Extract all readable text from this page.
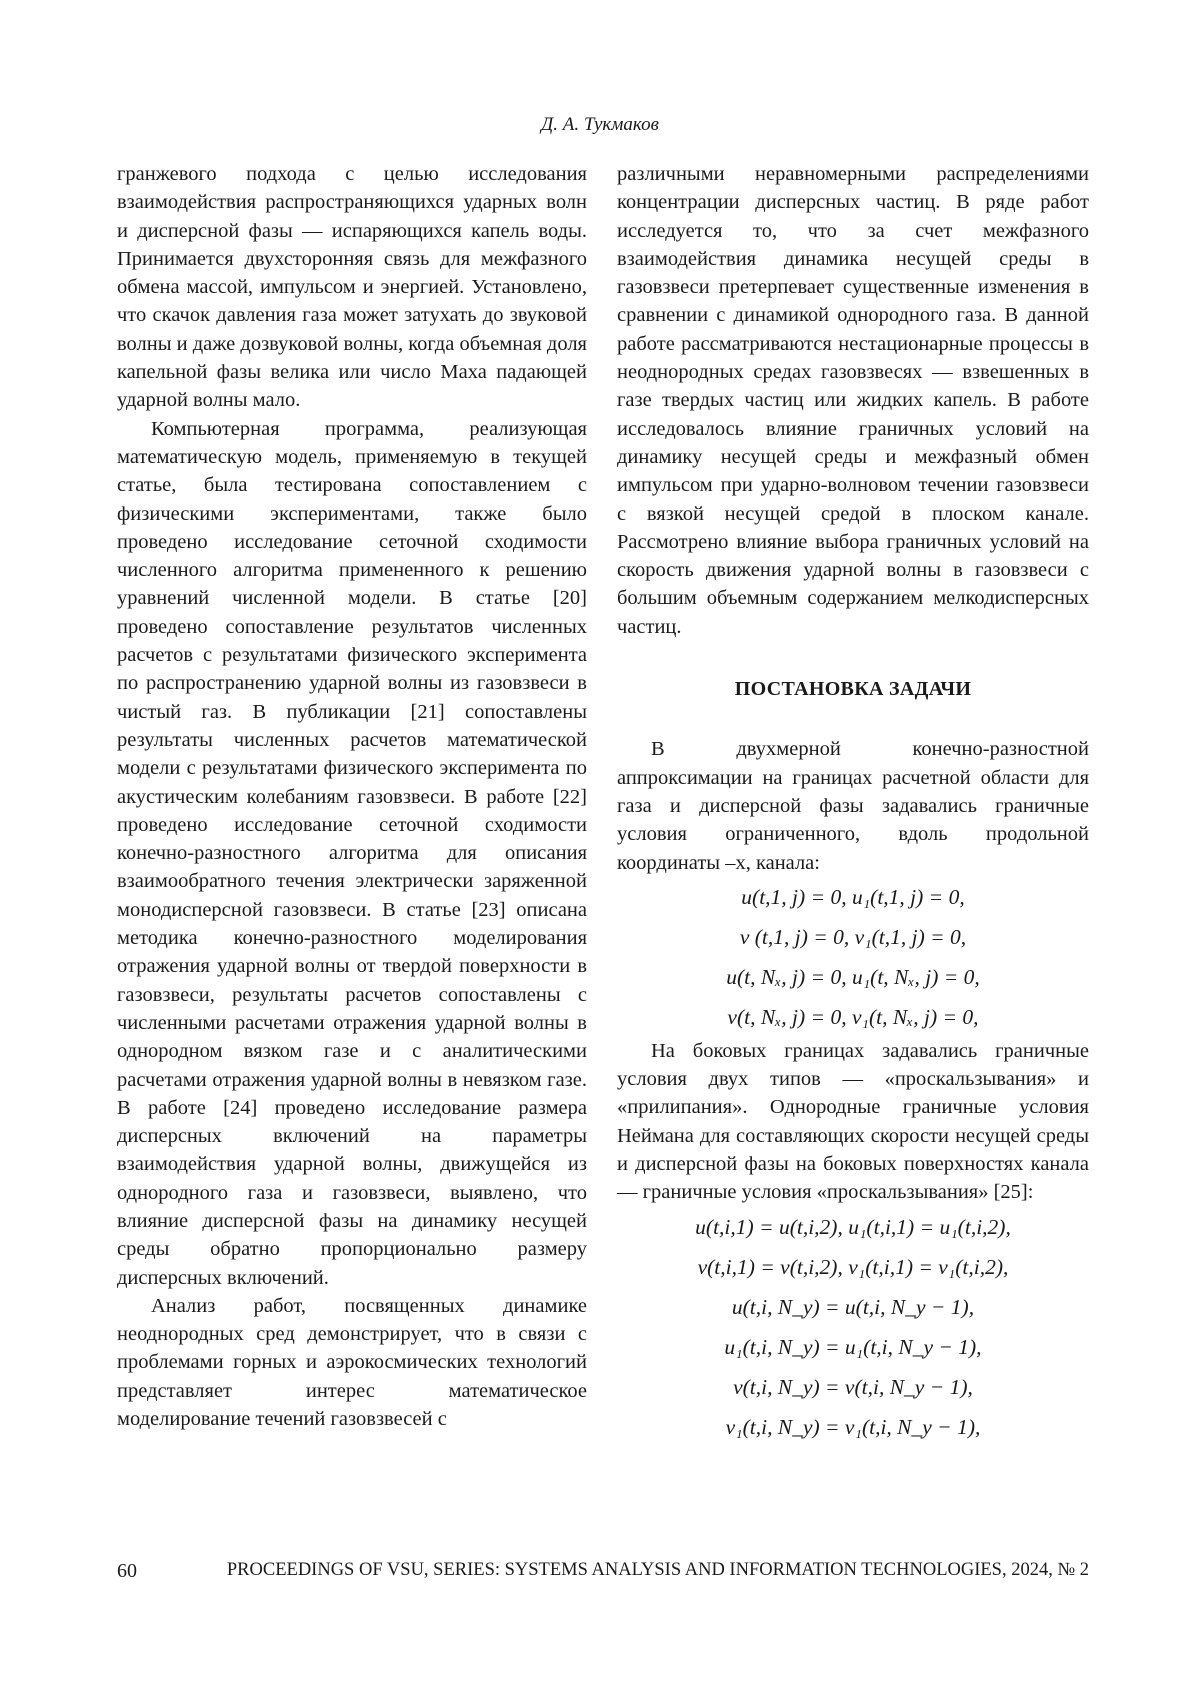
Д. А. Тукмаков

гранжевого подхода с целью исследования взаимодействия распространяющихся ударных волн и дисперсной фазы — испаряющихся капель воды. Принимается двухсторонняя связь для межфазного обмена массой, импульсом и энергией. Установлено, что скачок давления газа может затухать до звуковой волны и даже дозвуковой волны, когда объемная доля капельной фазы велика или число Маха падающей ударной волны мало.

Компьютерная программа, реализующая математическую модель, применяемую в текущей статье, была тестирована сопоставлением с физическими экспериментами, также было проведено исследование сеточной сходимости численного алгоритма примененного к решению уравнений численной модели. В статье [20] проведено сопоставление результатов численных расчетов с результатами физического эксперимента по распространению ударной волны из газовзвеси в чистый газ. В публикации [21] сопоставлены результаты численных расчетов математической модели с результатами физического эксперимента по акустическим колебаниям газовзвеси. В работе [22] проведено исследование сеточной сходимости конечно-разностного алгоритма для описания взаимообратного течения электрически заряженной монодисперсной газовзвеси. В статье [23] описана методика конечно-разностного моделирования отражения ударной волны от твердой поверхности в газовзвеси, результаты расчетов сопоставлены с численными расчетами отражения ударной волны в однородном вязком газе и с аналитическими расчетами отражения ударной волны в невязком газе. В работе [24] проведено исследование размера дисперсных включений на параметры взаимодействия ударной волны, движущейся из однородного газа и газовзвеси, выявлено, что влияние дисперсной фазы на динамику несущей среды обратно пропорционально размеру дисперсных включений.

Анализ работ, посвященных динамике неоднородных сред демонстрирует, что в связи с проблемами горных и аэрокосмических технологий представляет интерес математическое моделирование течений газовзвесей с

различными неравномерными распределениями концентрации дисперсных частиц. В ряде работ исследуется то, что за счет межфазного взаимодействия динамика несущей среды в газовзвеси претерпевает существенные изменения в сравнении с динамикой однородного газа. В данной работе рассматриваются нестационарные процессы в неоднородных средах газовзвесях — взвешенных в газе твердых частиц или жидких капель. В работе исследовалось влияние граничных условий на динамику несущей среды и межфазный обмен импульсом при ударно-волновом течении газовзвеси с вязкой несущей средой в плоском канале. Рассмотрено влияние выбора граничных условий на скорость движения ударной волны в газовзвеси с большим объемным содержанием мелкодисперсных частиц.

ПОСТАНОВКА ЗАДАЧИ

В двухмерной конечно-разностной аппроксимации на границах расчетной области для газа и дисперсной фазы задавались граничные условия ограниченного, вдоль продольной координаты –x, канала:

u(t,1, j) = 0, u₁(t,1, j) = 0,
v (t,1, j) = 0, v₁(t,1, j) = 0,
u(t, Nₓ, j) = 0, u₁(t, Nₓ, j) = 0,
v(t, Nₓ, j) = 0, v₁(t, Nₓ, j) = 0,

На боковых границах задавались граничные условия двух типов — «проскальзывания» и «прилипания». Однородные граничные условия Неймана для составляющих скорости несущей среды и дисперсной фазы на боковых поверхностях канала — граничные условия «проскальзывания» [25]:

u(t,i,1) = u(t,i,2), u₁(t,i,1) = u₁(t,i,2),
v(t,i,1) = v(t,i,2), v₁(t,i,1) = v₁(t,i,2),
u(t,i, N_y) = u(t,i, N_y − 1),
u₁(t,i, N_y) = u₁(t,i, N_y − 1),
v(t,i, N_y) = v(t,i, N_y − 1),
v₁(t,i, N_y) = v₁(t,i, N_y − 1),
60	PROCEEDINGS OF VSU, SERIES: SYSTEMS ANALYSIS AND INFORMATION TECHNOLOGIES, 2024, № 2
